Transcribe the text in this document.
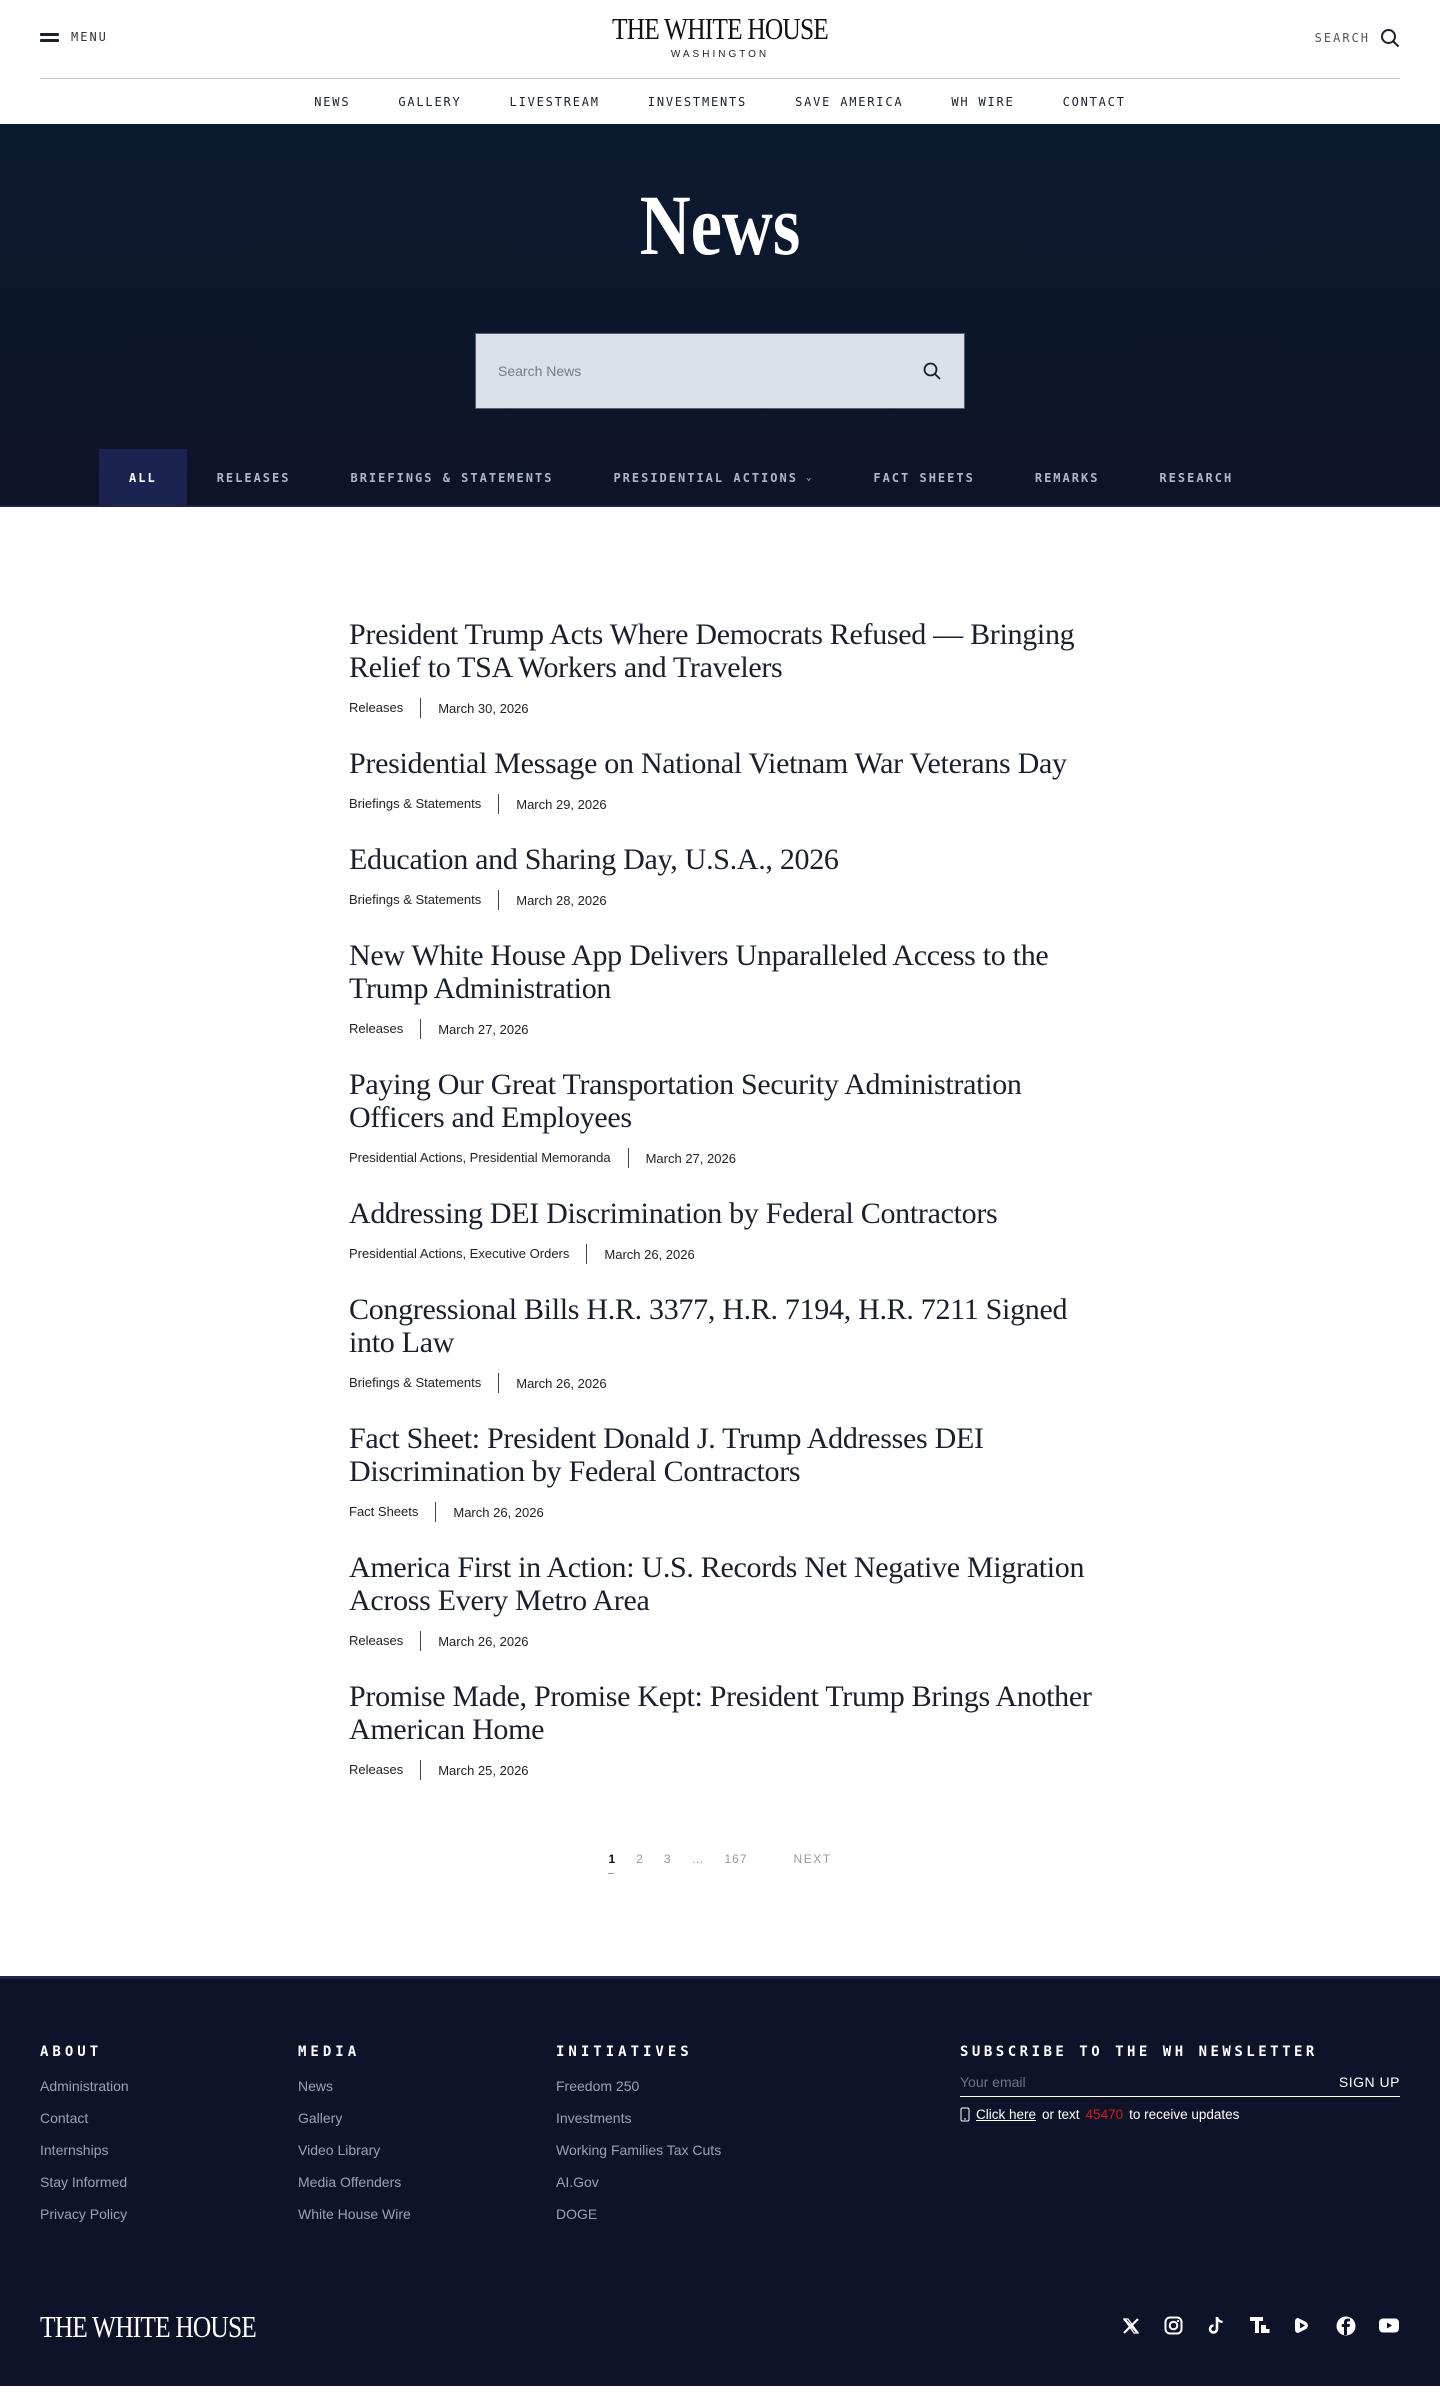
MENU	THE WHITE HOUSE
WASHINGTON
SEARCH
NEWS	GALLERY	LIVESTREAM	INVESTMENTS	SAVE AMERICA	WH WIRE	CONTACT
News
Search News
ALL	RELEASES	BRIEFINGS & STATEMENTS	PRESIDENTIAL ACTIONS ⌄	FACT SHEETS	REMARKS	RESEARCH
President Trump Acts Where Democrats Refused — Bringing Relief to TSA Workers and Travelers
Releases	March 30, 2026
Presidential Message on National Vietnam War Veterans Day
Briefings & Statements	March 29, 2026
Education and Sharing Day, U.S.A., 2026
Briefings & Statements	March 28, 2026
New White House App Delivers Unparalleled Access to the Trump Administration
Releases	March 27, 2026
Paying Our Great Transportation Security Administration Officers and Employees
Presidential Actions, Presidential Memoranda	March 27, 2026
Addressing DEI Discrimination by Federal Contractors
Presidential Actions, Executive Orders	March 26, 2026
Congressional Bills H.R. 3377, H.R. 7194, H.R. 7211 Signed into Law
Briefings & Statements	March 26, 2026
Fact Sheet: President Donald J. Trump Addresses DEI Discrimination by Federal Contractors
Fact Sheets	March 26, 2026
America First in Action: U.S. Records Net Negative Migration Across Every Metro Area
Releases	March 26, 2026
Promise Made, Promise Kept: President Trump Brings Another American Home
Releases	March 25, 2026
1	2	3	…	167	NEXT
ABOUT
Administration
Contact
Internships
Stay Informed
Privacy Policy
MEDIA
News
Gallery
Video Library
Media Offenders
White House Wire
INITIATIVES
Freedom 250
Investments
Working Families Tax Cuts
AI.Gov
DOGE
SUBSCRIBE TO THE WH NEWSLETTER
Your email
SIGN UP
Click here or text 45470 to receive updates
THE WHITE HOUSE
